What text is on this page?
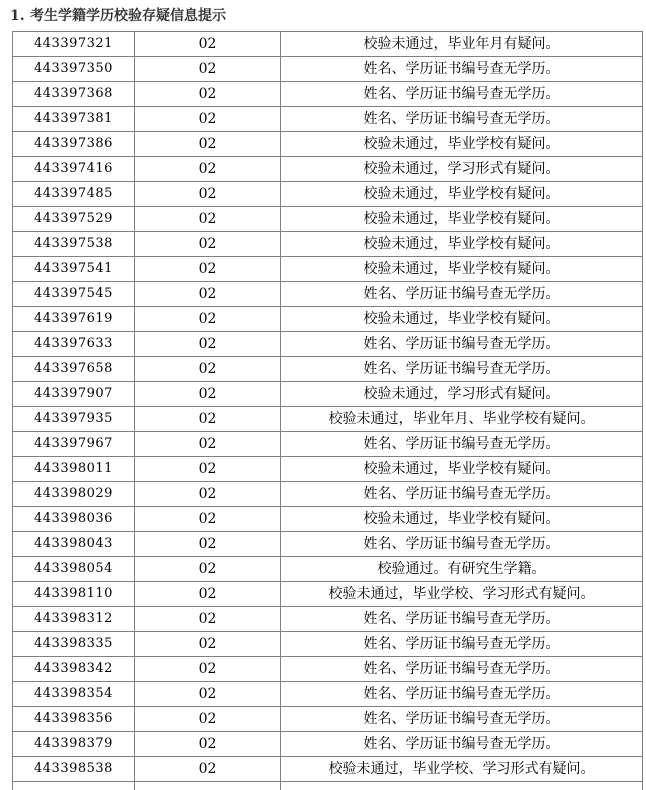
1. 考生学籍学历校验存疑信息提示
443397321	02	校验未通过，毕业年月有疑问。
443397350	02	姓名、学历证书编号查无学历。
443397368	02	姓名、学历证书编号查无学历。
443397381	02	姓名、学历证书编号查无学历。
443397386	02	校验未通过，毕业学校有疑问。
443397416	02	校验未通过，学习形式有疑问。
443397485	02	校验未通过，毕业学校有疑问。
443397529	02	校验未通过，毕业学校有疑问。
443397538	02	校验未通过，毕业学校有疑问。
443397541	02	校验未通过，毕业学校有疑问。
443397545	02	姓名、学历证书编号查无学历。
443397619	02	校验未通过，毕业学校有疑问。
443397633	02	姓名、学历证书编号查无学历。
443397658	02	姓名、学历证书编号查无学历。
443397907	02	校验未通过，学习形式有疑问。
443397935	02	校验未通过，毕业年月、毕业学校有疑问。
443397967	02	姓名、学历证书编号查无学历。
443398011	02	校验未通过，毕业学校有疑问。
443398029	02	姓名、学历证书编号查无学历。
443398036	02	校验未通过，毕业学校有疑问。
443398043	02	姓名、学历证书编号查无学历。
443398054	02	校验通过。有研究生学籍。
443398110	02	校验未通过，毕业学校、学习形式有疑问。
443398312	02	姓名、学历证书编号查无学历。
443398335	02	姓名、学历证书编号查无学历。
443398342	02	姓名、学历证书编号查无学历。
443398354	02	姓名、学历证书编号查无学历。
443398356	02	姓名、学历证书编号查无学历。
443398379	02	姓名、学历证书编号查无学历。
443398538	02	校验未通过，毕业学校、学习形式有疑问。
